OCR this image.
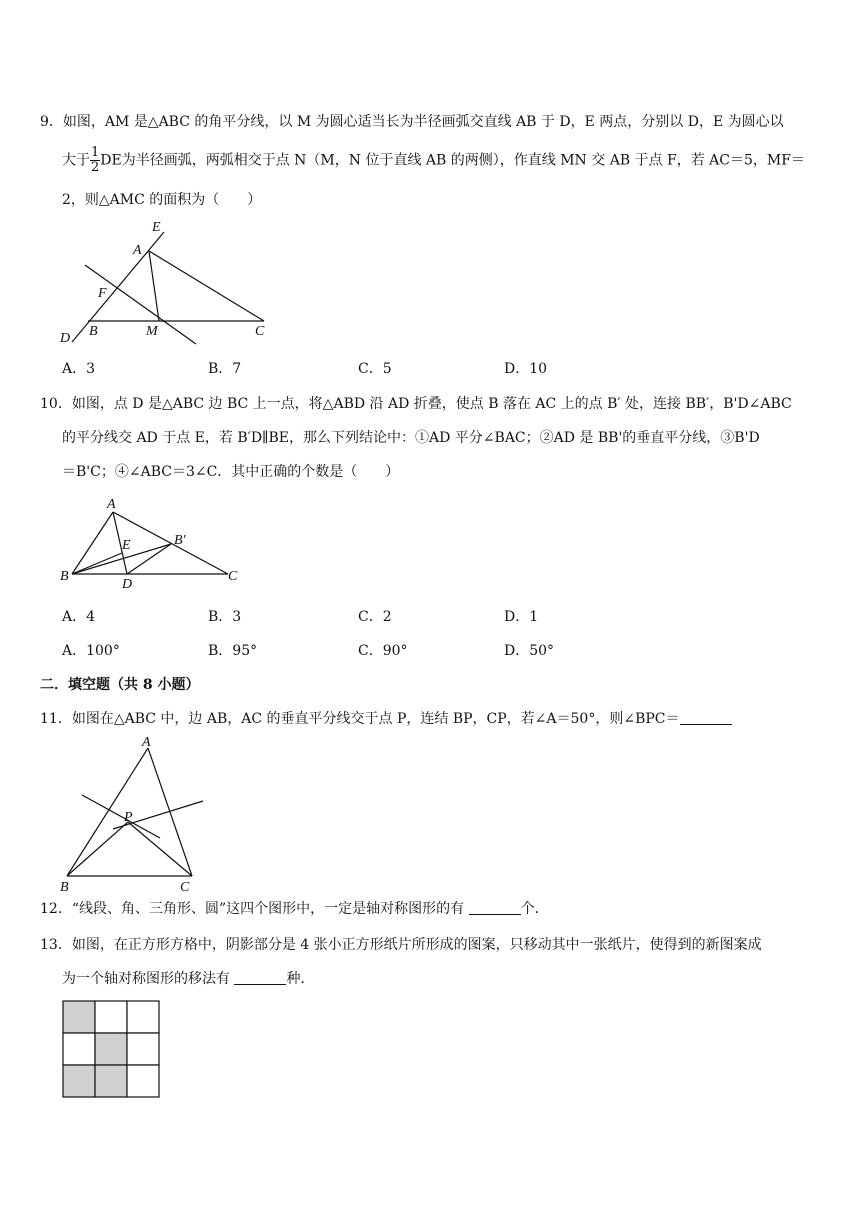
9．如图，AM 是△ABC 的角平分线，以 M 为圆心适当长为半径画弧交直线 AB 于 D，E 两点，分别以 D，E 为圆心以
大于 $\frac{1}{2}$ DE为半径画弧，两弧相交于点 N（M，N 位于直线 AB 的两侧），作直线 MN 交 AB 于点 F，若 AC＝5，MF＝
2，则△AMC 的面积为（　　）
E
A
F
D B	M	C
A．3	B．7	C．5	D．10
10．如图，点 D 是△ABC 边 BC 上一点，将△ABD 沿 AD 折叠，使点 B 落在 AC 上的点 B′ 处，连接 BB′，B'D∠ABC
的平分线交 AD 于点 E，若 B′D∥BE，那么下列结论中：①AD 平分∠BAC；②AD 是 BB'的垂直平分线，③B'D
＝B'C；④∠ABC＝3∠C．其中正确的个数是（　　）
A
E	B′
B
D
C
A．4	B．3	C．2	D．1
A．100°	B．95°	C．90°	D．50°
二．填空题（共 8 小题）
11．如图在△ABC 中，边 AB，AC 的垂直平分线交于点 P，连结 BP，CP，若∠A＝50°，则∠BPC＝
A
P
B	C
12．“线段、角、三角形、圆”这四个图形中，一定是轴对称图形的有	个．
13．如图，在正方形方格中，阴影部分是 4 张小正方形纸片所形成的图案，只移动其中一张纸片，使得到的新图案成
为一个轴对称图形的移法有	种．
